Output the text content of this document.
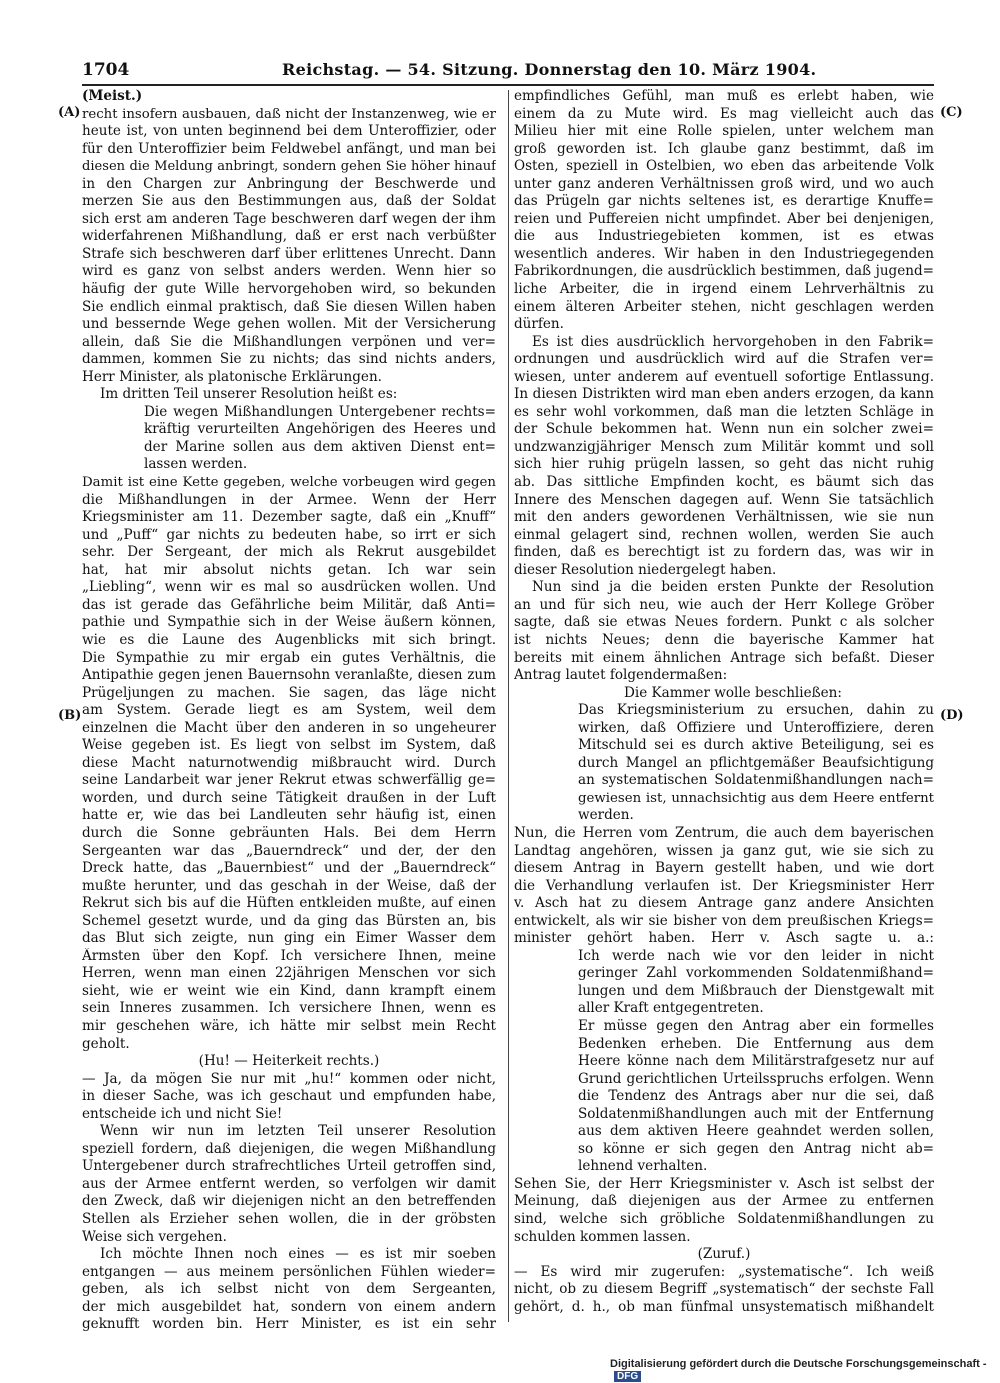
1704	Reichstag. — 54. Sitzung. Donnerstag den 10. März 1904.
(A)
(B)
(C)
(D)
(Meist.)
recht insofern ausbauen, daß nicht der Instanzenweg, wie er
heute ist, von unten beginnend bei dem Unteroffizier, oder
für den Unteroffizier beim Feldwebel anfängt, und man bei
diesen die Meldung anbringt, sondern gehen Sie höher hinauf
in den Chargen zur Anbringung der Beschwerde und
merzen Sie aus den Bestimmungen aus, daß der Soldat
sich erst am anderen Tage beschweren darf wegen der ihm
widerfahrenen Mißhandlung, daß er erst nach verbüßter
Strafe sich beschweren darf über erlittenes Unrecht. Dann
wird es ganz von selbst anders werden. Wenn hier so
häufig der gute Wille hervorgehoben wird, so bekunden
Sie endlich einmal praktisch, daß Sie diesen Willen haben
und bessernde Wege gehen wollen. Mit der Versicherung
allein, daß Sie die Mißhandlungen verpönen und ver=
dammen, kommen Sie zu nichts; das sind nichts anders,
Herr Minister, als platonische Erklärungen.
Im dritten Teil unserer Resolution heißt es:
Die wegen Mißhandlungen Untergebener rechts=
kräftig verurteilten Angehörigen des Heeres und
der Marine sollen aus dem aktiven Dienst ent=
lassen werden.
Damit ist eine Kette gegeben, welche vorbeugen wird gegen
die Mißhandlungen in der Armee. Wenn der Herr
Kriegsminister am 11. Dezember sagte, daß ein „Knuff“
und „Puff“ gar nichts zu bedeuten habe, so irrt er sich
sehr. Der Sergeant, der mich als Rekrut ausgebildet
hat, hat mir absolut nichts getan. Ich war sein
„Liebling“, wenn wir es mal so ausdrücken wollen. Und
das ist gerade das Gefährliche beim Militär, daß Anti=
pathie und Sympathie sich in der Weise äußern können,
wie es die Laune des Augenblicks mit sich bringt.
Die Sympathie zu mir ergab ein gutes Verhältnis, die
Antipathie gegen jenen Bauernsohn veranlaßte, diesen zum
Prügeljungen zu machen. Sie sagen, das läge nicht
am System. Gerade liegt es am System, weil dem
einzelnen die Macht über den anderen in so ungeheurer
Weise gegeben ist. Es liegt von selbst im System, daß
diese Macht naturnotwendig mißbraucht wird. Durch
seine Landarbeit war jener Rekrut etwas schwerfällig ge=
worden, und durch seine Tätigkeit draußen in der Luft
hatte er, wie das bei Landleuten sehr häufig ist, einen
durch die Sonne gebräunten Hals. Bei dem Herrn
Sergeanten war das „Bauerndreck“ und der, der den
Dreck hatte, das „Bauernbiest“ und der „Bauerndreck“
mußte herunter, und das geschah in der Weise, daß der
Rekrut sich bis auf die Hüften entkleiden mußte, auf einen
Schemel gesetzt wurde, und da ging das Bürsten an, bis
das Blut sich zeigte, nun ging ein Eimer Wasser dem
Ärmsten über den Kopf. Ich versichere Ihnen, meine
Herren, wenn man einen 22jährigen Menschen vor sich
sieht, wie er weint wie ein Kind, dann krampft einem
sein Inneres zusammen. Ich versichere Ihnen, wenn es
mir geschehen wäre, ich hätte mir selbst mein Recht
geholt.
(Hu! — Heiterkeit rechts.)
— Ja, da mögen Sie nur mit „hu!“ kommen oder nicht,
in dieser Sache, was ich geschaut und empfunden habe,
entscheide ich und nicht Sie!
Wenn wir nun im letzten Teil unserer Resolution
speziell fordern, daß diejenigen, die wegen Mißhandlung
Untergebener durch strafrechtliches Urteil getroffen sind,
aus der Armee entfernt werden, so verfolgen wir damit
den Zweck, daß wir diejenigen nicht an den betreffenden
Stellen als Erzieher sehen wollen, die in der gröbsten
Weise sich vergehen.
Ich möchte Ihnen noch eines — es ist mir soeben
entgangen — aus meinem persönlichen Fühlen wieder=
geben, als ich selbst nicht von dem Sergeanten,
der mich ausgebildet hat, sondern von einem andern
geknufft worden bin. Herr Minister, es ist ein sehr
empfindliches Gefühl, man muß es erlebt haben, wie
einem da zu Mute wird. Es mag vielleicht auch das
Milieu hier mit eine Rolle spielen, unter welchem man
groß geworden ist. Ich glaube ganz bestimmt, daß im
Osten, speziell in Ostelbien, wo eben das arbeitende Volk
unter ganz anderen Verhältnissen groß wird, und wo auch
das Prügeln gar nichts seltenes ist, es derartige Knuffe=
reien und Puffereien nicht umpfindet. Aber bei denjenigen,
die aus Industriegebieten kommen, ist es etwas
wesentlich anderes. Wir haben in den Industriegegenden
Fabrikordnungen, die ausdrücklich bestimmen, daß jugend=
liche Arbeiter, die in irgend einem Lehrverhältnis zu
einem älteren Arbeiter stehen, nicht geschlagen werden
dürfen.
Es ist dies ausdrücklich hervorgehoben in den Fabrik=
ordnungen und ausdrücklich wird auf die Strafen ver=
wiesen, unter anderem auf eventuell sofortige Entlassung.
In diesen Distrikten wird man eben anders erzogen, da kann
es sehr wohl vorkommen, daß man die letzten Schläge in
der Schule bekommen hat. Wenn nun ein solcher zwei=
undzwanzigjähriger Mensch zum Militär kommt und soll
sich hier ruhig prügeln lassen, so geht das nicht ruhig
ab. Das sittliche Empfinden kocht, es bäumt sich das
Innere des Menschen dagegen auf. Wenn Sie tatsächlich
mit den anders gewordenen Verhältnissen, wie sie nun
einmal gelagert sind, rechnen wollen, werden Sie auch
finden, daß es berechtigt ist zu fordern das, was wir in
dieser Resolution niedergelegt haben.
Nun sind ja die beiden ersten Punkte der Resolution
an und für sich neu, wie auch der Herr Kollege Gröber
sagte, daß sie etwas Neues fordern. Punkt c als solcher
ist nichts Neues; denn die bayerische Kammer hat
bereits mit einem ähnlichen Antrage sich befaßt. Dieser
Antrag lautet folgendermaßen:
Die Kammer wolle beschließen:
Das Kriegsministerium zu ersuchen, dahin zu
wirken, daß Offiziere und Unteroffiziere, deren
Mitschuld sei es durch aktive Beteiligung, sei es
durch Mangel an pflichtgemäßer Beaufsichtigung
an systematischen Soldatenmißhandlungen nach=
gewiesen ist, unnachsichtig aus dem Heere entfernt
werden.
Nun, die Herren vom Zentrum, die auch dem bayerischen
Landtag angehören, wissen ja ganz gut, wie sie sich zu
diesem Antrag in Bayern gestellt haben, und wie dort
die Verhandlung verlaufen ist. Der Kriegsminister Herr
v. Asch hat zu diesem Antrage ganz andere Ansichten
entwickelt, als wir sie bisher von dem preußischen Kriegs=
minister gehört haben. Herr v. Asch sagte u. a.:
Ich werde nach wie vor den leider in nicht
geringer Zahl vorkommenden Soldatenmißhand=
lungen und dem Mißbrauch der Dienstgewalt mit
aller Kraft entgegentreten.
Er müsse gegen den Antrag aber ein formelles
Bedenken erheben. Die Entfernung aus dem
Heere könne nach dem Militärstrafgesetz nur auf
Grund gerichtlichen Urteilsspruchs erfolgen. Wenn
die Tendenz des Antrags aber nur die sei, daß
Soldatenmißhandlungen auch mit der Entfernung
aus dem aktiven Heere geahndet werden sollen,
so könne er sich gegen den Antrag nicht ab=
lehnend verhalten.
Sehen Sie, der Herr Kriegsminister v. Asch ist selbst der
Meinung, daß diejenigen aus der Armee zu entfernen
sind, welche sich gröbliche Soldatenmißhandlungen zu
schulden kommen lassen.
(Zuruf.)
— Es wird mir zugerufen: „systematische“. Ich weiß
nicht, ob zu diesem Begriff „systematisch“ der sechste Fall
gehört, d. h., ob man fünfmal unsystematisch mißhandelt
Digitalisierung gefördert durch die Deutsche Forschungsgemeinschaft - DFG
